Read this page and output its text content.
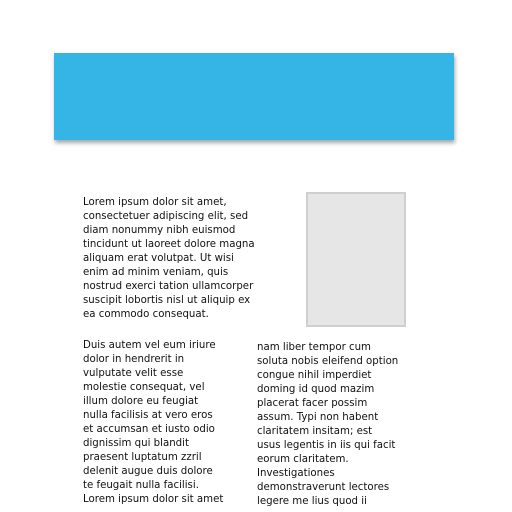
Lorem ipsum dolor sit amet,
consectetuer adipiscing elit, sed
diam nonummy nibh euismod
tincidunt ut laoreet dolore magna
aliquam erat volutpat. Ut wisi
enim ad minim veniam, quis
nostrud exerci tation ullamcorper
suscipit lobortis nisl ut aliquip ex
ea commodo consequat.

Duis autem vel eum iriure
dolor in hendrerit in
vulputate velit esse
molestie consequat, vel
illum dolore eu feugiat
nulla facilisis at vero eros
et accumsan et iusto odio
dignissim qui blandit
praesent luptatum zzril
delenit augue duis dolore
te feugait nulla facilisi.
Lorem ipsum dolor sit amet

nam liber tempor cum
soluta nobis eleifend option
congue nihil imperdiet
doming id quod mazim
placerat facer possim
assum. Typi non habent
claritatem insitam; est
usus legentis in iis qui facit
eorum claritatem.
Investigationes
demonstraverunt lectores
legere me lius quod ii
